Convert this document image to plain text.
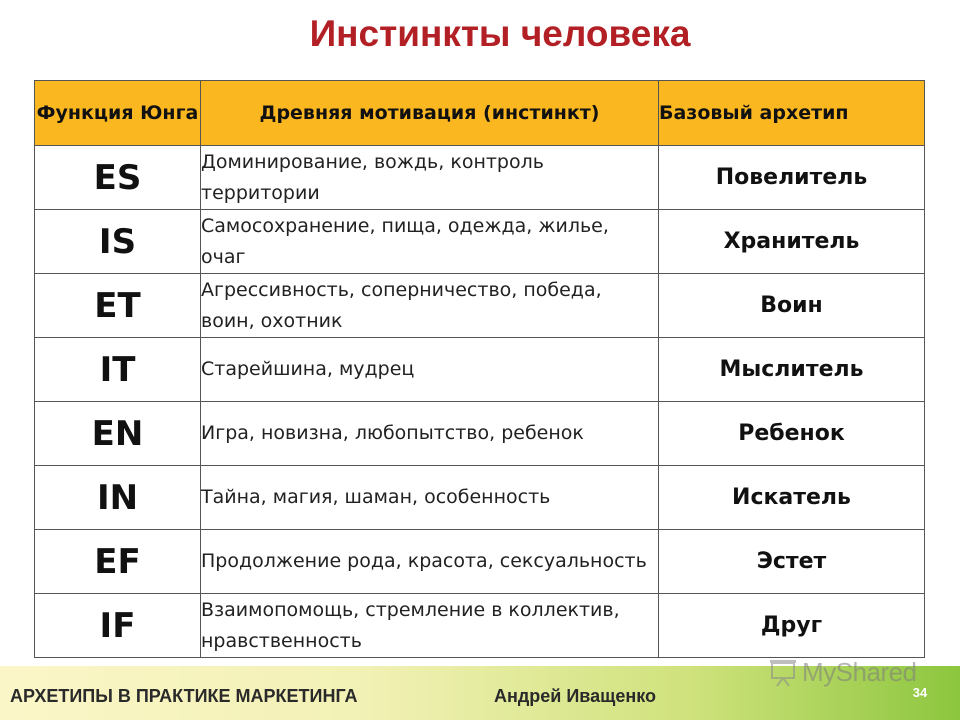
Инстинкты человека
Функция Юнга	Древняя мотивация (инстинкт)	Базовый архетип
ES	Доминирование, вождь, контроль территории	Повелитель
IS	Самосохранение, пища, одежда, жилье, очаг	Хранитель
ET	Агрессивность, соперничество, победа, воин, охотник	Воин
IT	Старейшина, мудрец	Мыслитель
EN	Игра, новизна, любопытство, ребенок	Ребенок
IN	Тайна, магия, шаман, особенность	Искатель
EF	Продолжение рода, красота, сексуальность	Эстет
IF	Взаимопомощь, стремление в коллектив, нравственность	Друг
АРХЕТИПЫ В ПРАКТИКЕ МАРКЕТИНГА	Андрей Иващенко	34
MyShared
